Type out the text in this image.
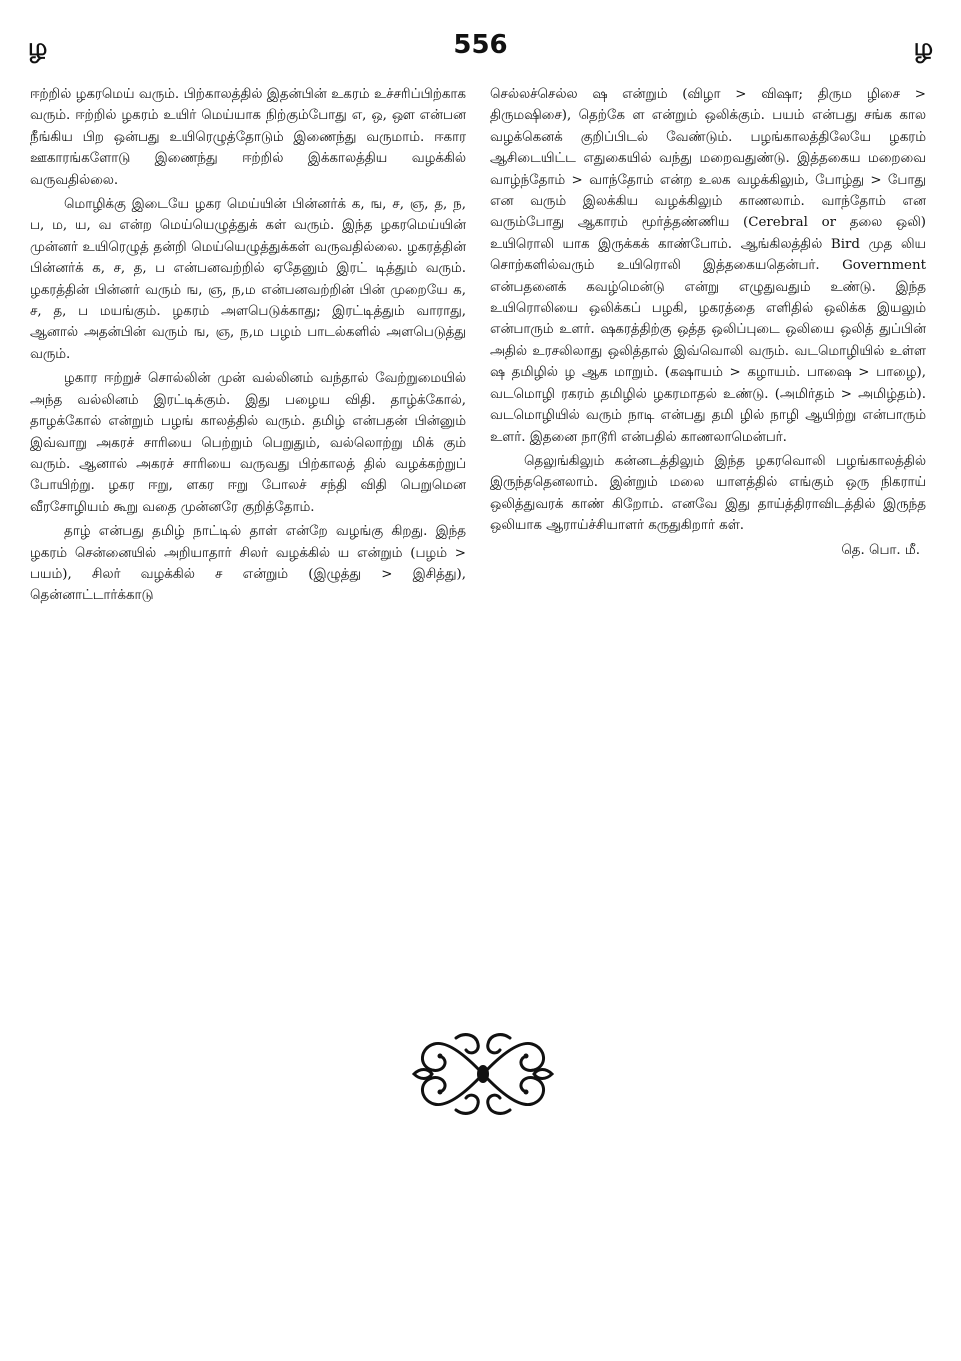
ழ	556	ழ

ஈற்றில் ழகரமெய் வரும். பிற்காலத்தில் இதன்பின் உகரம் உச்சரிப்பிற்காக வரும். ஈற்றில் ழகரம் உயிர் மெய்யாக நிற்கும்போது எ, ஒ, ஔ என்பன நீங்கிய பிற ஒன்பது உயிரெழுத்தோடும் இணைந்து வருமாம். ஈகார ஊகாரங்களோடு இணைந்து ஈற்றில் இக்காலத்திய வழக்கில் வருவதில்லை.

மொழிக்கு இடையே ழகர மெய்யின் பின்னர்க் க, ங, ச, ஞ, த, ந, ப, ம, ய, வ என்ற மெய்யெழுத்துக் கள் வரும். இந்த ழகரமெய்யின் முன்னர் உயிரெழுத் தன்றி மெய்யெழுத்துக்கள் வருவதில்லை. ழகரத்தின் பின்னர்க் க, ச, த, ப என்பனவற்றில் ஏதேனும் இரட் டித்தும் வரும். ழகரத்தின் பின்னர் வரும் ங, ஞ, ந,ம என்பனவற்றின் பின் முறையே க, ச, த, ப மயங்கும். ழகரம் அளபெடுக்காது; இரட்டித்தும் வாராது, ஆனால் அதன்பின் வரும் ங, ஞ, ந,ம பழம் பாடல்களில் அளபெடுத்து வரும்.

ழகார ஈற்றுச் சொல்லின் முன் வல்லினம் வந்தால் வேற்றுமையில் அந்த வல்லினம் இரட்டிக்கும். இது பழைய விதி. தாழ்க்கோல், தாழக்கோல் என்றும் பழங் காலத்தில் வரும். தமிழ் என்பதன் பின்னும் இவ்வாறு அகரச் சாரியை பெற்றும் பெறுதும், வல்லொற்று மிக் கும் வரும். ஆனால் அகரச் சாரியை வருவது பிற்காலத் தில் வழக்கற்றுப் போயிற்று. ழகர ஈறு, ளகர ஈறு போலச் சந்தி விதி பெறுமென வீரசோழியம் கூறு வதை முன்னரே குறித்தோம்.

தாழ் என்பது தமிழ் நாட்டில் தாள் என்றே வழங்கு கிறது. இந்த ழகரம் சென்னையில் அறியாதார் சிலர் வழக்கில் ய என்றும் (பழம் > பயம்), சிலர் வழக்கில் ச என்றும் (இழுத்து > இசித்து), தென்னாட்டார்க்காடு

செல்லச்செல்ல ஷ என்றும் (விழா > விஷா; திரும ழிசை > திருமஷிசை), தெற்கே ள என்றும் ஒலிக்கும். பயம் என்பது சங்க கால வழக்கெனக் குறிப்பிடல் வேண்டும். பழங்காலத்திலேயே ழகரம் ஆசிடையிட்ட எதுகையில் வந்து மறைவதுண்டு. இத்தகைய மறைவை வாழ்ந்தோம் > வாந்தோம் என்ற உலக வழக்கிலும், போழ்து > போது என வரும் இலக்கிய வழக்கிலும் காணலாம். வாந்தோம் என வரும்போது ஆகாரம் மூர்த்தண்ணிய (Cerebral or தலை ஒலி) உயிரொலி யாக இருக்கக் காண்போம். ஆங்கிலத்தில் Bird முத லிய சொற்களில்வரும் உயிரொலி இத்தகையதென்பர். Government என்பதனைக் கவழ்மென்டு என்று எழுதுவதும் உண்டு. இந்த உயிரொலியை ஒலிக்கப் பழகி, ழகரத்தை எளிதில் ஒலிக்க இயலும் என்பாரும் உளர். ஷகரத்திற்கு ஒத்த ஒலிப்புடை ஒலியை ஒலித் துப்பின் அதில் உரசலிலாது ஒலித்தால் இவ்வொலி வரும். வடமொழியில் உள்ள ஷ தமிழில் ழ ஆக மாறும். (கஷாயம் > கழாயம். பாஷை > பாழை), வடமொழி ரகரம் தமிழில் ழகரமாதல் உண்டு. (அமிர்தம் > அமிழ்தம்). வடமொழியில் வரும் நாடி என்பது தமி ழில் நாழி ஆயிற்று என்பாரும் உளர். இதனை நாடூரி என்பதில் காணலாமென்பர்.

தெலுங்கிலும் கன்னடத்திலும் இந்த ழகரவொலி பழங்காலத்தில் இருந்ததெனலாம். இன்றும் மலை யாளத்தில் எங்கும் ஒரு நிகராய் ஒலித்துவரக் காண் கிறோம். எனவே இது தாய்த்திராவிடத்தில் இருந்த ஒலியாக ஆராய்ச்சியாளர் கருதுகிறார் கள்.

தெ. பொ. மீ.
